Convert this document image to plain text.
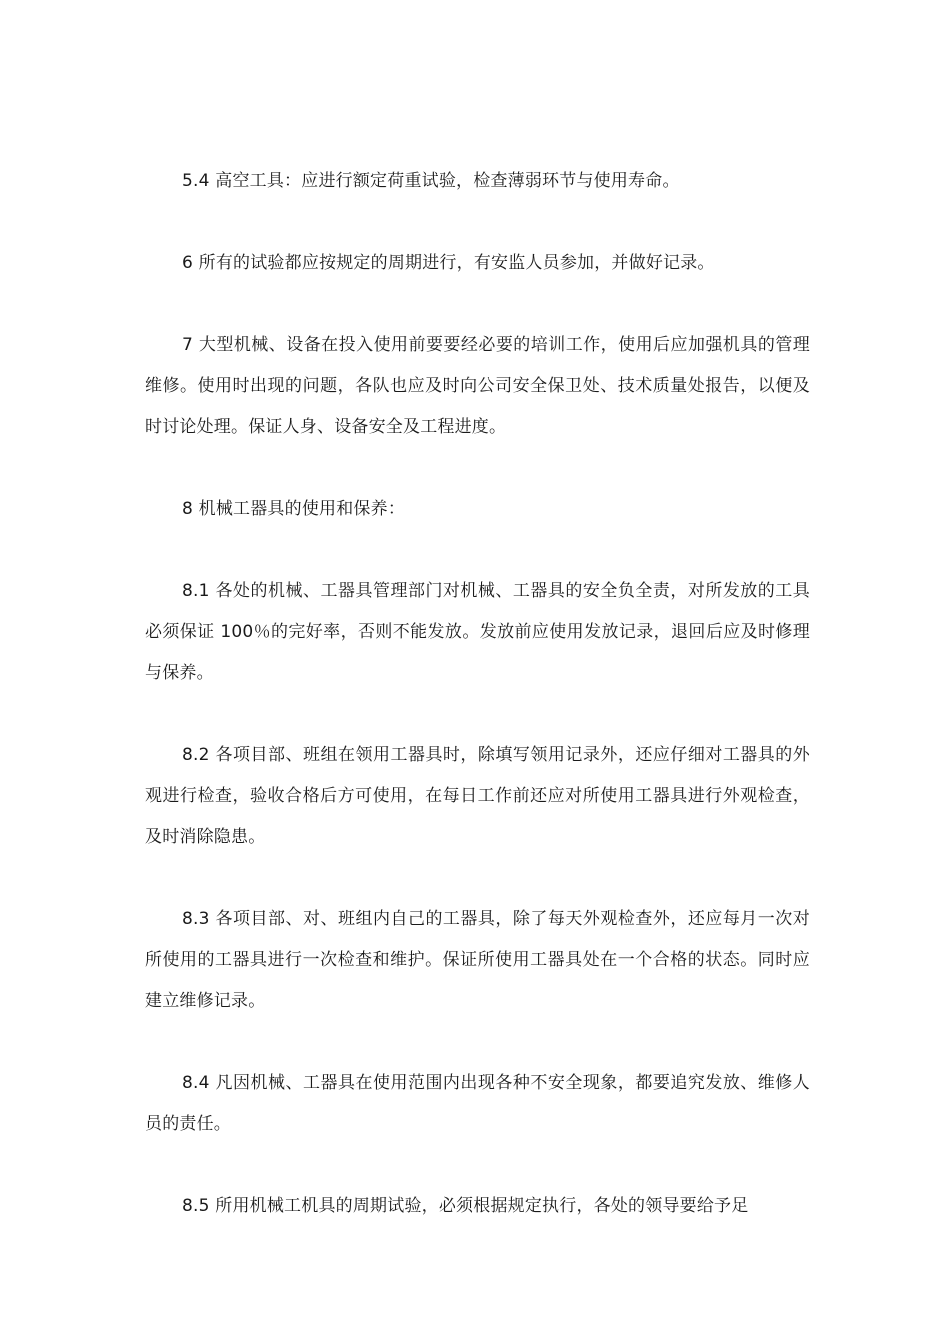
5.4 高空工具：应进行额定荷重试验，检查薄弱环节与使用寿命。

6 所有的试验都应按规定的周期进行，有安监人员参加，并做好记录。

7 大型机械、设备在投入使用前要要经必要的培训工作，使用后应加强机具的管理维修。使用时出现的问题，各队也应及时向公司安全保卫处、技术质量处报告，以便及时讨论处理。保证人身、设备安全及工程进度。

8 机械工器具的使用和保养：

8.1 各处的机械、工器具管理部门对机械、工器具的安全负全责，对所发放的工具必须保证 100％的完好率，否则不能发放。发放前应使用发放记录，退回后应及时修理与保养。

8.2 各项目部、班组在领用工器具时，除填写领用记录外，还应仔细对工器具的外观进行检查，验收合格后方可使用，在每日工作前还应对所使用工器具进行外观检查，及时消除隐患。

8.3 各项目部、对、班组内自己的工器具，除了每天外观检查外，还应每月一次对所使用的工器具进行一次检查和维护。保证所使用工器具处在一个合格的状态。同时应建立维修记录。

8.4 凡因机械、工器具在使用范围内出现各种不安全现象，都要追究发放、维修人员的责任。

8.5 所用机械工机具的周期试验，必须根据规定执行，各处的领导要给予足
